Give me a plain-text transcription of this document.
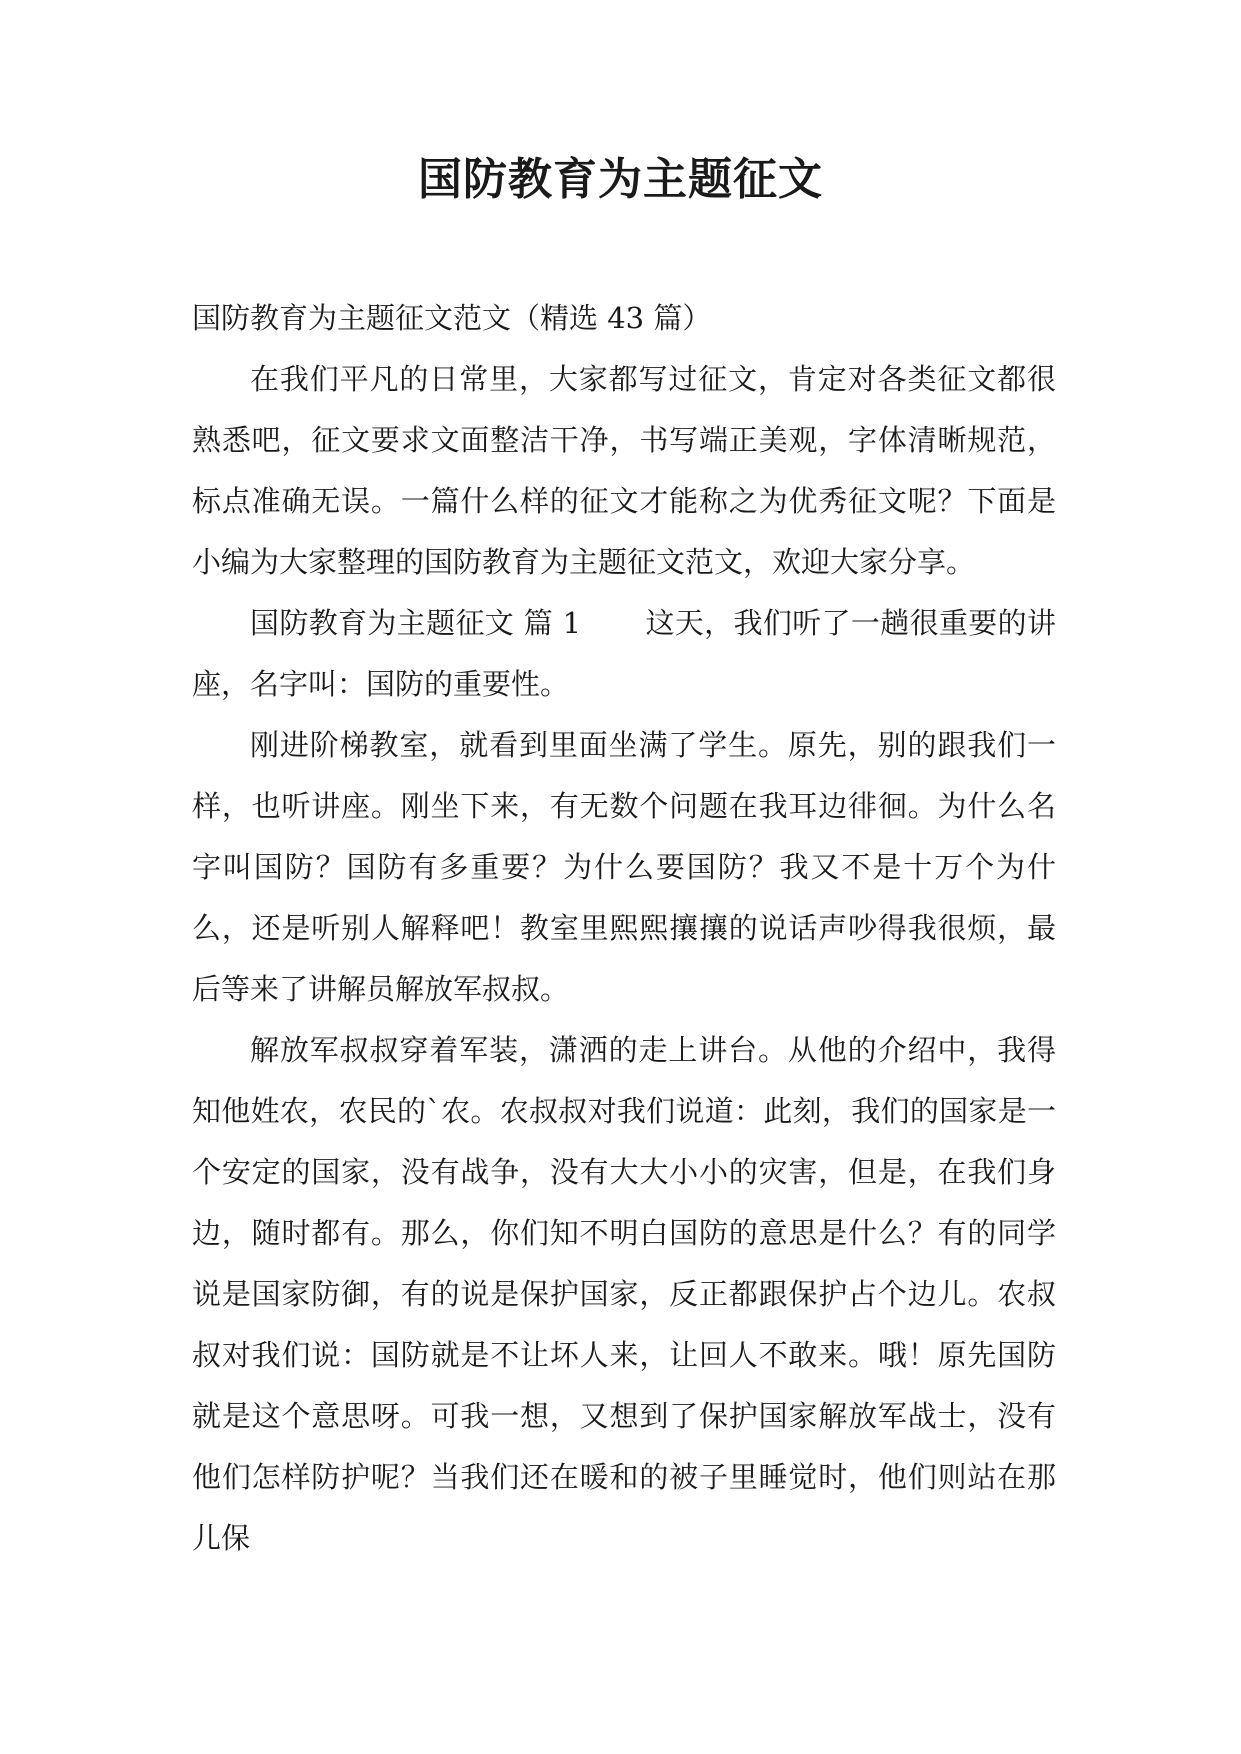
国防教育为主题征文

国防教育为主题征文范文（精选 43 篇）

在我们平凡的日常里，大家都写过征文，肯定对各类征文都很熟悉吧，征文要求文面整洁干净，书写端正美观，字体清晰规范，标点准确无误。一篇什么样的征文才能称之为优秀征文呢？下面是小编为大家整理的国防教育为主题征文范文，欢迎大家分享。

国防教育为主题征文 篇 1 这天，我们听了一趟很重要的讲座，名字叫：国防的重要性。

刚进阶梯教室，就看到里面坐满了学生。原先，别的跟我们一样，也听讲座。刚坐下来，有无数个问题在我耳边徘徊。为什么名字叫国防？国防有多重要？为什么要国防？我又不是十万个为什么，还是听别人解释吧！教室里熙熙攘攘的说话声吵得我很烦，最后等来了讲解员解放军叔叔。

解放军叔叔穿着军装，潇洒的走上讲台。从他的介绍中，我得知他姓农，农民的`农。农叔叔对我们说道：此刻，我们的国家是一个安定的国家，没有战争，没有大大小小的灾害，但是，在我们身边，随时都有。那么，你们知不明白国防的意思是什么？有的同学说是国家防御，有的说是保护国家，反正都跟保护占个边儿。农叔叔对我们说：国防就是不让坏人来，让回人不敢来。哦！原先国防就是这个意思呀。可我一想，又想到了保护国家解放军战士，没有他们怎样防护呢？当我们还在暖和的被子里睡觉时，他们则站在那儿保
